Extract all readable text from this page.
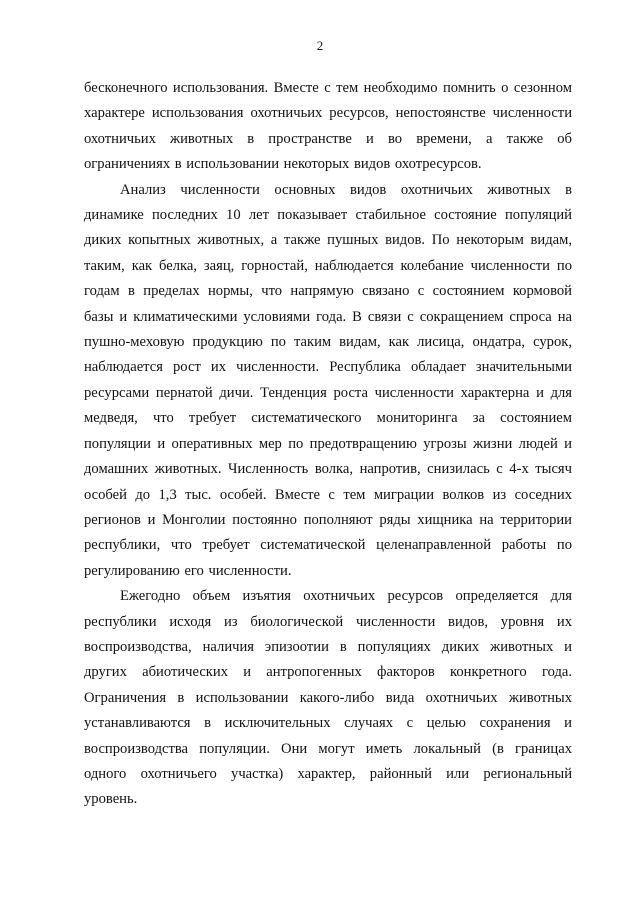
2

бесконечного использования. Вместе с тем необходимо помнить о сезонном характере использования охотничьих ресурсов, непостоянстве численности охотничьих животных в пространстве и во времени, а также об ограничениях в использовании некоторых видов охотресурсов.

Анализ численности основных видов охотничьих животных в динамике последних 10 лет показывает стабильное состояние популяций диких копытных животных, а также пушных видов. По некоторым видам, таким, как белка, заяц, горностай, наблюдается колебание численности по годам в пределах нормы, что напрямую связано с состоянием кормовой базы и климатическими условиями года. В связи с сокращением спроса на пушно-меховую продукцию по таким видам, как лисица, ондатра, сурок, наблюдается рост их численности. Республика обладает значительными ресурсами пернатой дичи. Тенденция роста численности характерна и для медведя, что требует систематического мониторинга за состоянием популяции и оперативных мер по предотвращению угрозы жизни людей и домашних животных. Численность волка, напротив, снизилась с 4-х тысяч особей до 1,3 тыс. особей. Вместе с тем миграции волков из соседних регионов и Монголии постоянно пополняют ряды хищника на территории республики, что требует систематической целенаправленной работы по регулированию его численности.

Ежегодно объем изъятия охотничьих ресурсов определяется для республики исходя из биологической численности видов, уровня их воспроизводства, наличия эпизоотии в популяциях диких животных и других абиотических и антропогенных факторов конкретного года. Ограничения в использовании какого-либо вида охотничьих животных устанавливаются в исключительных случаях с целью сохранения и воспроизводства популяции. Они могут иметь локальный (в границах одного охотничьего участка) характер, районный или региональный уровень.
